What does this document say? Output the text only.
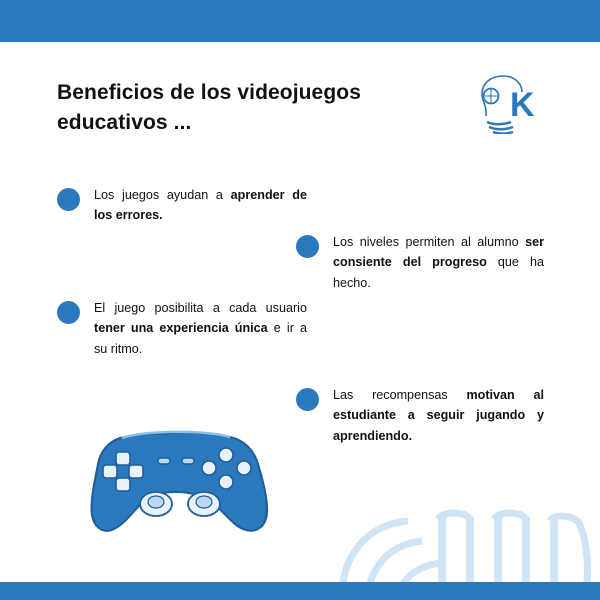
Beneficios de los videojuegos
educativos ...	K
Los juegos ayudan a aprender de los errores.
Los niveles permiten al alumno ser consiente del progreso que ha hecho.
El juego posibilita a cada usuario tener una experiencia única e ir a su ritmo.
Las recompensas motivan al estudiante a seguir jugando y aprendiendo.
